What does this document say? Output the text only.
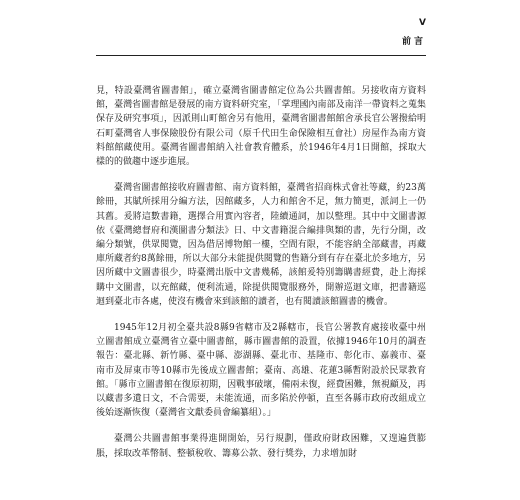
V
前言

見，特設臺灣省圖書館」，確立臺灣省圖書館定位為公共圖書館。另接收南方資料館，臺灣省圖書館是發展的南方資料研究室，「掌理國內南部及南洋一帶資料之蒐集保存及研究事項」，因派則山町館舍另有他用，臺灣省圖書館館舍承長官公署撥給明石町臺灣省人事保險股份有限公司（原千代田生命保險相互會社）房屋作為南方資料館館藏使用。臺灣省圖書館納入社會教育體系，於1946年4月1日開館，採取大樣的的做趨中逐步進展。

臺灣省圖書館接收府圖書館、南方資料館，臺灣省招商株式會社等藏，約23萬餘冊，其賦所採用分編方法，因館藏多，人力和館舍不足，無力簡更，派詞上一仍其舊。爰將這數書籍，選擇合用實內容者，陸續通詞，加以整理。其中中文圖書源依《臺灣總督府和漢圖書分類法》日、中文書籍混合編排與類的書，先行分開，改編分類號，供眾閱覽，因為借居博物館一樓，空間有限，不能容納全部藏書，再藏庫所藏者約8萬餘冊，所以大部分未能提供閱覽的售籍分到有存在臺北於多地方，另因所藏中文圖書很少，時臺灣出版中文書幾稀，該館爰特別籌購書經費，赴上海採購中文圖書，以充館藏，便利流通，除提供閱覽服務外，開辦巡迴文庫，把書籍巡迴到臺北市各處，使沒有機會來到該館的讀者，也有閱讀該館圖書的機會。

1945年12月初全臺共設8縣9省轄市及2縣轄市，長官公署教育處接收臺中州立圖書館成立臺灣省立臺中圖書館，縣市圖書館的設置，依據1946年10月的調查報告：臺北縣、新竹縣、臺中縣、澎湖縣、臺北市、基隆市、彰化市、嘉義市、臺南市及屏東市等10縣市先後成立圖書館；臺南、高雄、花蓮3縣暫附設於民眾教育館。「縣市立圖書館在復原初期，因戰事破壞，備兩未復，經費困難，無視顧及，再以藏書多遺日文，不合需要，未能流通，而多陷於停頓，直至各縣市政府改組成立後始逐漸恢復（臺灣省文獻委員會編纂組）。」

臺灣公共圖書館事業得進開開始，另行規劃，僅政府財政困難，又遑遍貨膨脹，採取改革幣制、整頓稅收、籌募公款、發行獎券，力求增加財
